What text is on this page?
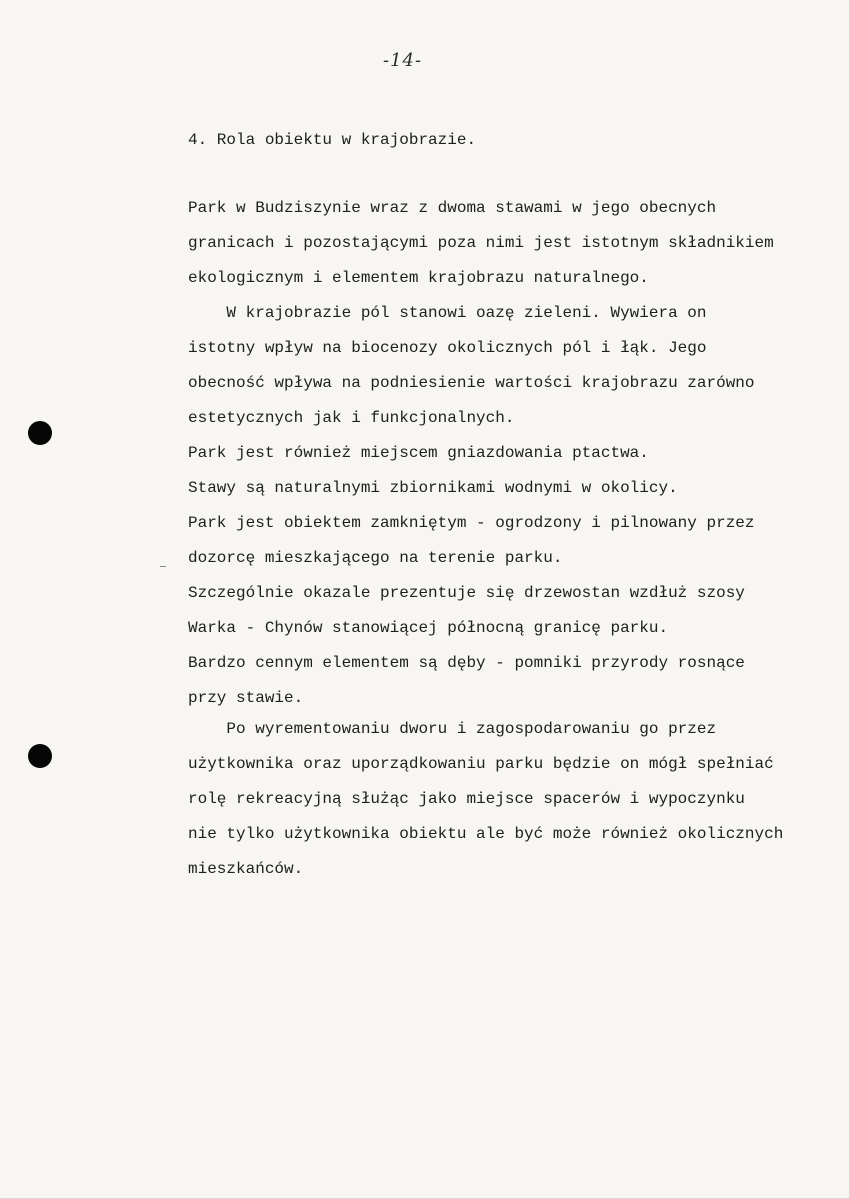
-14-
4. Rola obiektu w krajobrazie.

Park w Budziszynie wraz z dwoma stawami w jego obecnych

granicach i pozostającymi poza nimi jest istotnym składnikiem

ekologicznym i elementem krajobrazu naturalnego.

W krajobrazie pól stanowi oazę zieleni. Wywiera on

istotny wpływ na biocenozy okolicznych pól i łąk. Jego

obecność wpływa na podniesienie wartości krajobrazu zarówno

estetycznych jak i funkcjonalnych.

Park jest również miejscem gniazdowania ptactwa.

Stawy są naturalnymi zbiornikami wodnymi w okolicy.

Park jest obiektem zamkniętym - ogrodzony i pilnowany przez

dozorcę mieszkającego na terenie parku.

Szczególnie okazale prezentuje się drzewostan wzdłuż szosy

Warka - Chynów stanowiącej północną granicę parku.

Bardzo cennym elementem są dęby - pomniki przyrody rosnące

przy stawie.

Po wyrementowaniu dworu i zagospodarowaniu go przez

użytkownika oraz uporządkowaniu parku będzie on mógł spełniać

rolę rekreacyjną służąc jako miejsce spacerów i wypoczynku

nie tylko użytkownika obiektu ale być może również okolicznych

mieszkańców.
